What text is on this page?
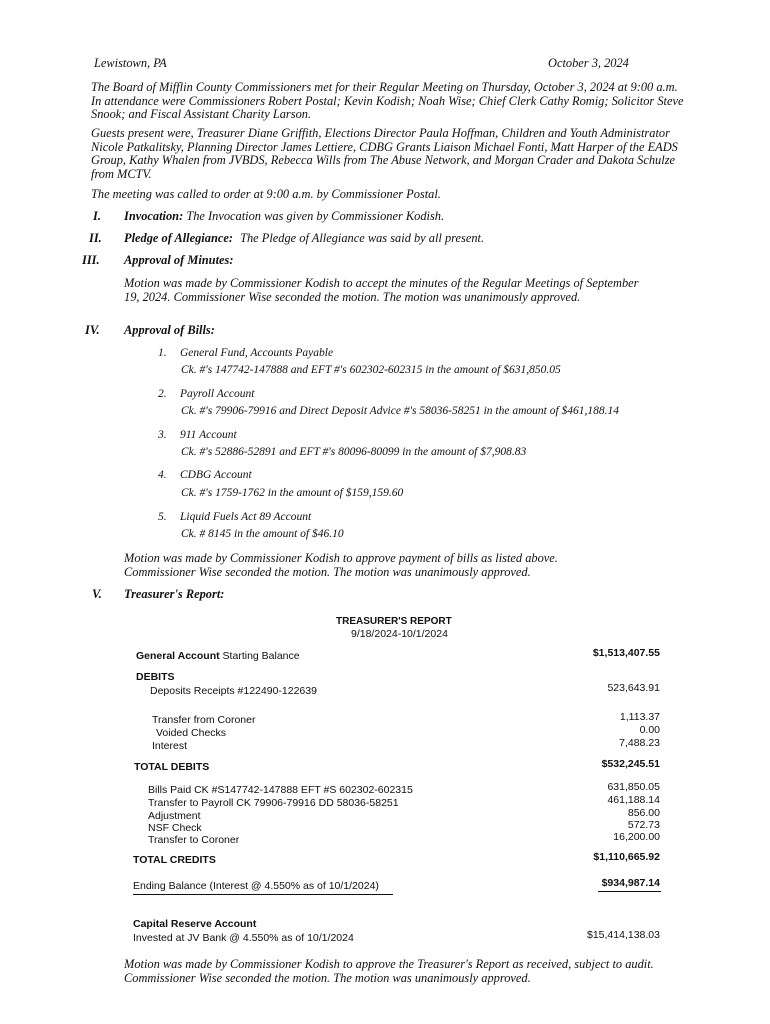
Lewistown, PA	October 3, 2024
The Board of Mifflin County Commissioners met for their Regular Meeting on Thursday, October 3, 2024 at 9:00 a.m. In attendance were Commissioners Robert Postal; Kevin Kodish; Noah Wise; Chief Clerk Cathy Romig; Solicitor Steve Snook; and Fiscal Assistant Charity Larson.
Guests present were, Treasurer Diane Griffith, Elections Director Paula Hoffman, Children and Youth Administrator Nicole Patkalitsky, Planning Director James Lettiere, CDBG Grants Liaison Michael Fonti, Matt Harper of the EADS Group, Kathy Whalen from JVBDS, Rebecca Wills from The Abuse Network, and Morgan Crader and Dakota Schulze from MCTV.
The meeting was called to order at 9:00 a.m. by Commissioner Postal.
I. Invocation: The Invocation was given by Commissioner Kodish.
II. Pledge of Allegiance: The Pledge of Allegiance was said by all present.
III. Approval of Minutes:
Motion was made by Commissioner Kodish to accept the minutes of the Regular Meetings of September 19, 2024. Commissioner Wise seconded the motion. The motion was unanimously approved.
IV. Approval of Bills:
1. General Fund, Accounts Payable
Ck. #'s 147742-147888 and EFT #'s 602302-602315 in the amount of $631,850.05
2. Payroll Account
Ck. #'s 79906-79916 and Direct Deposit Advice #'s 58036-58251 in the amount of $461,188.14
3. 911 Account
Ck. #'s 52886-52891 and EFT #'s 80096-80099 in the amount of $7,908.83
4. CDBG Account
Ck. #'s 1759-1762 in the amount of $159,159.60
5. Liquid Fuels Act 89 Account
Ck. # 8145 in the amount of $46.10
Motion was made by Commissioner Kodish to approve payment of bills as listed above. Commissioner Wise seconded the motion. The motion was unanimously approved.
V. Treasurer's Report:
TREASURER'S REPORT
9/18/2024-10/1/2024
General Account Starting Balance	$1,513,407.55
DEBITS
Deposits Receipts #122490-122639	523,643.91
Transfer from Coroner	1,113.37
Voided Checks	0.00
Interest	7,488.23
TOTAL DEBITS	$532,245.51
Bills Paid CK #S147742-147888 EFT #S 602302-602315	631,850.05
Transfer to Payroll CK 79906-79916 DD 58036-58251	461,188.14
Adjustment	856.00
NSF Check	572.73
Transfer to Coroner	16,200.00
TOTAL CREDITS	$1,110,665.92
Ending Balance (Interest @ 4.550% as of 10/1/2024)	$934,987.14
Capital Reserve Account
Invested at JV Bank @ 4.550% as of 10/1/2024	$15,414,138.03
Motion was made by Commissioner Kodish to approve the Treasurer's Report as received, subject to audit. Commissioner Wise seconded the motion. The motion was unanimously approved.
